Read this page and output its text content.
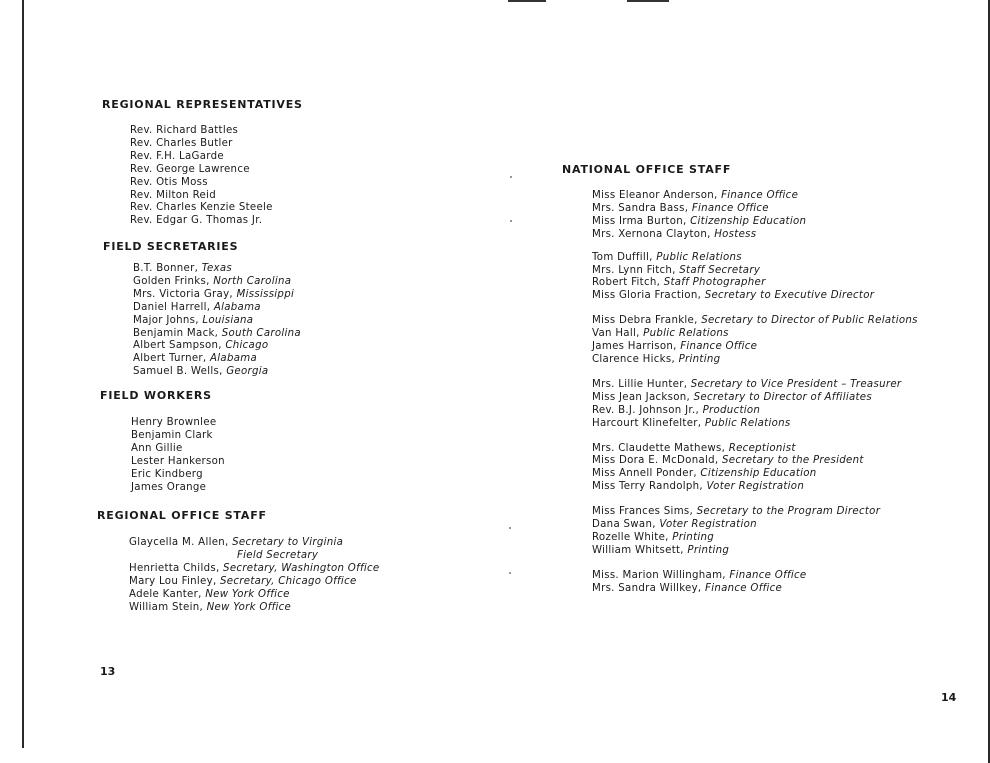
REGIONAL REPRESENTATIVES
Rev. Richard Battles
Rev. Charles Butler
Rev. F.H. LaGarde
Rev. George Lawrence
Rev. Otis Moss
Rev. Milton Reid
Rev. Charles Kenzie Steele
Rev. Edgar G. Thomas Jr.
FIELD SECRETARIES
B.T. Bonner, Texas
Golden Frinks, North Carolina
Mrs. Victoria Gray, Mississippi
Daniel Harrell, Alabama
Major Johns, Louisiana
Benjamin Mack, South Carolina
Albert Sampson, Chicago
Albert Turner, Alabama
Samuel B. Wells, Georgia
FIELD WORKERS
Henry Brownlee
Benjamin Clark
Ann Gillie
Lester Hankerson
Eric Kindberg
James Orange
REGIONAL OFFICE STAFF
Glaycella M. Allen, Secretary to Virginia
Field Secretary
Henrietta Childs, Secretary, Washington Office
Mary Lou Finley, Secretary, Chicago Office
Adele Kanter, New York Office
William Stein, New York Office
13
NATIONAL OFFICE STAFF
Miss Eleanor Anderson, Finance Office
Mrs. Sandra Bass, Finance Office
Miss Irma Burton, Citizenship Education
Mrs. Xernona Clayton, Hostess
Tom Duffill, Public Relations
Mrs. Lynn Fitch, Staff Secretary
Robert Fitch, Staff Photographer
Miss Gloria Fraction, Secretary to Executive Director
Miss Debra Frankle, Secretary to Director of Public Relations
Van Hall, Public Relations
James Harrison, Finance Office
Clarence Hicks, Printing
Mrs. Lillie Hunter, Secretary to Vice President – Treasurer
Miss Jean Jackson, Secretary to Director of Affiliates
Rev. B.J. Johnson Jr., Production
Harcourt Klinefelter, Public Relations
Mrs. Claudette Mathews, Receptionist
Miss Dora E. McDonald, Secretary to the President
Miss Annell Ponder, Citizenship Education
Miss Terry Randolph, Voter Registration
Miss Frances Sims, Secretary to the Program Director
Dana Swan, Voter Registration
Rozelle White, Printing
William Whitsett, Printing
Miss. Marion Willingham, Finance Office
Mrs. Sandra Willkey, Finance Office
14
